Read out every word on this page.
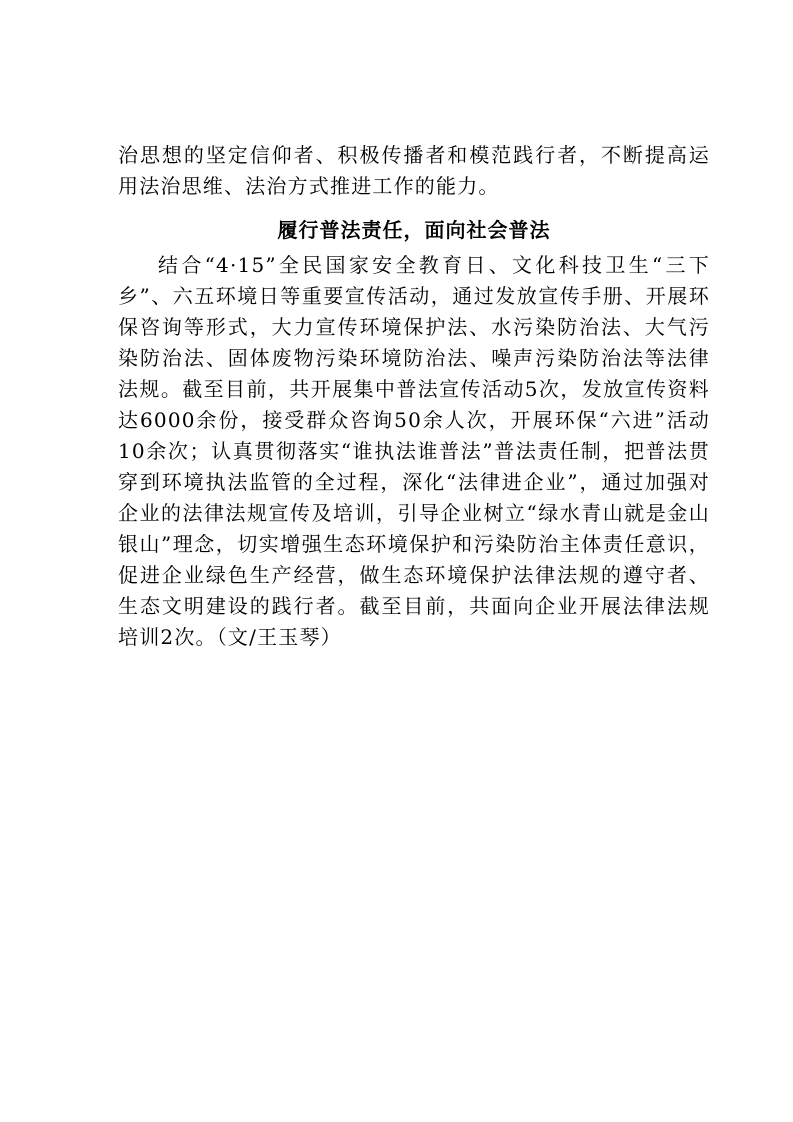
治思想的坚定信仰者、积极传播者和模范践行者，不断提高运用法治思维、法治方式推进工作的能力。

履行普法责任，面向社会普法

结合“4·15”全民国家安全教育日、文化科技卫生“三下乡”、六五环境日等重要宣传活动，通过发放宣传手册、开展环保咨询等形式，大力宣传环境保护法、水污染防治法、大气污染防治法、固体废物污染环境防治法、噪声污染防治法等法律法规。截至目前，共开展集中普法宣传活动5次，发放宣传资料达6000余份，接受群众咨询50余人次，开展环保“六进”活动10余次；认真贯彻落实“谁执法谁普法”普法责任制，把普法贯穿到环境执法监管的全过程，深化“法律进企业”，通过加强对企业的法律法规宣传及培训，引导企业树立“绿水青山就是金山银山”理念，切实增强生态环境保护和污染防治主体责任意识，促进企业绿色生产经营，做生态环境保护法律法规的遵守者、生态文明建设的践行者。截至目前，共面向企业开展法律法规培训2次。（文/王玉琴）
